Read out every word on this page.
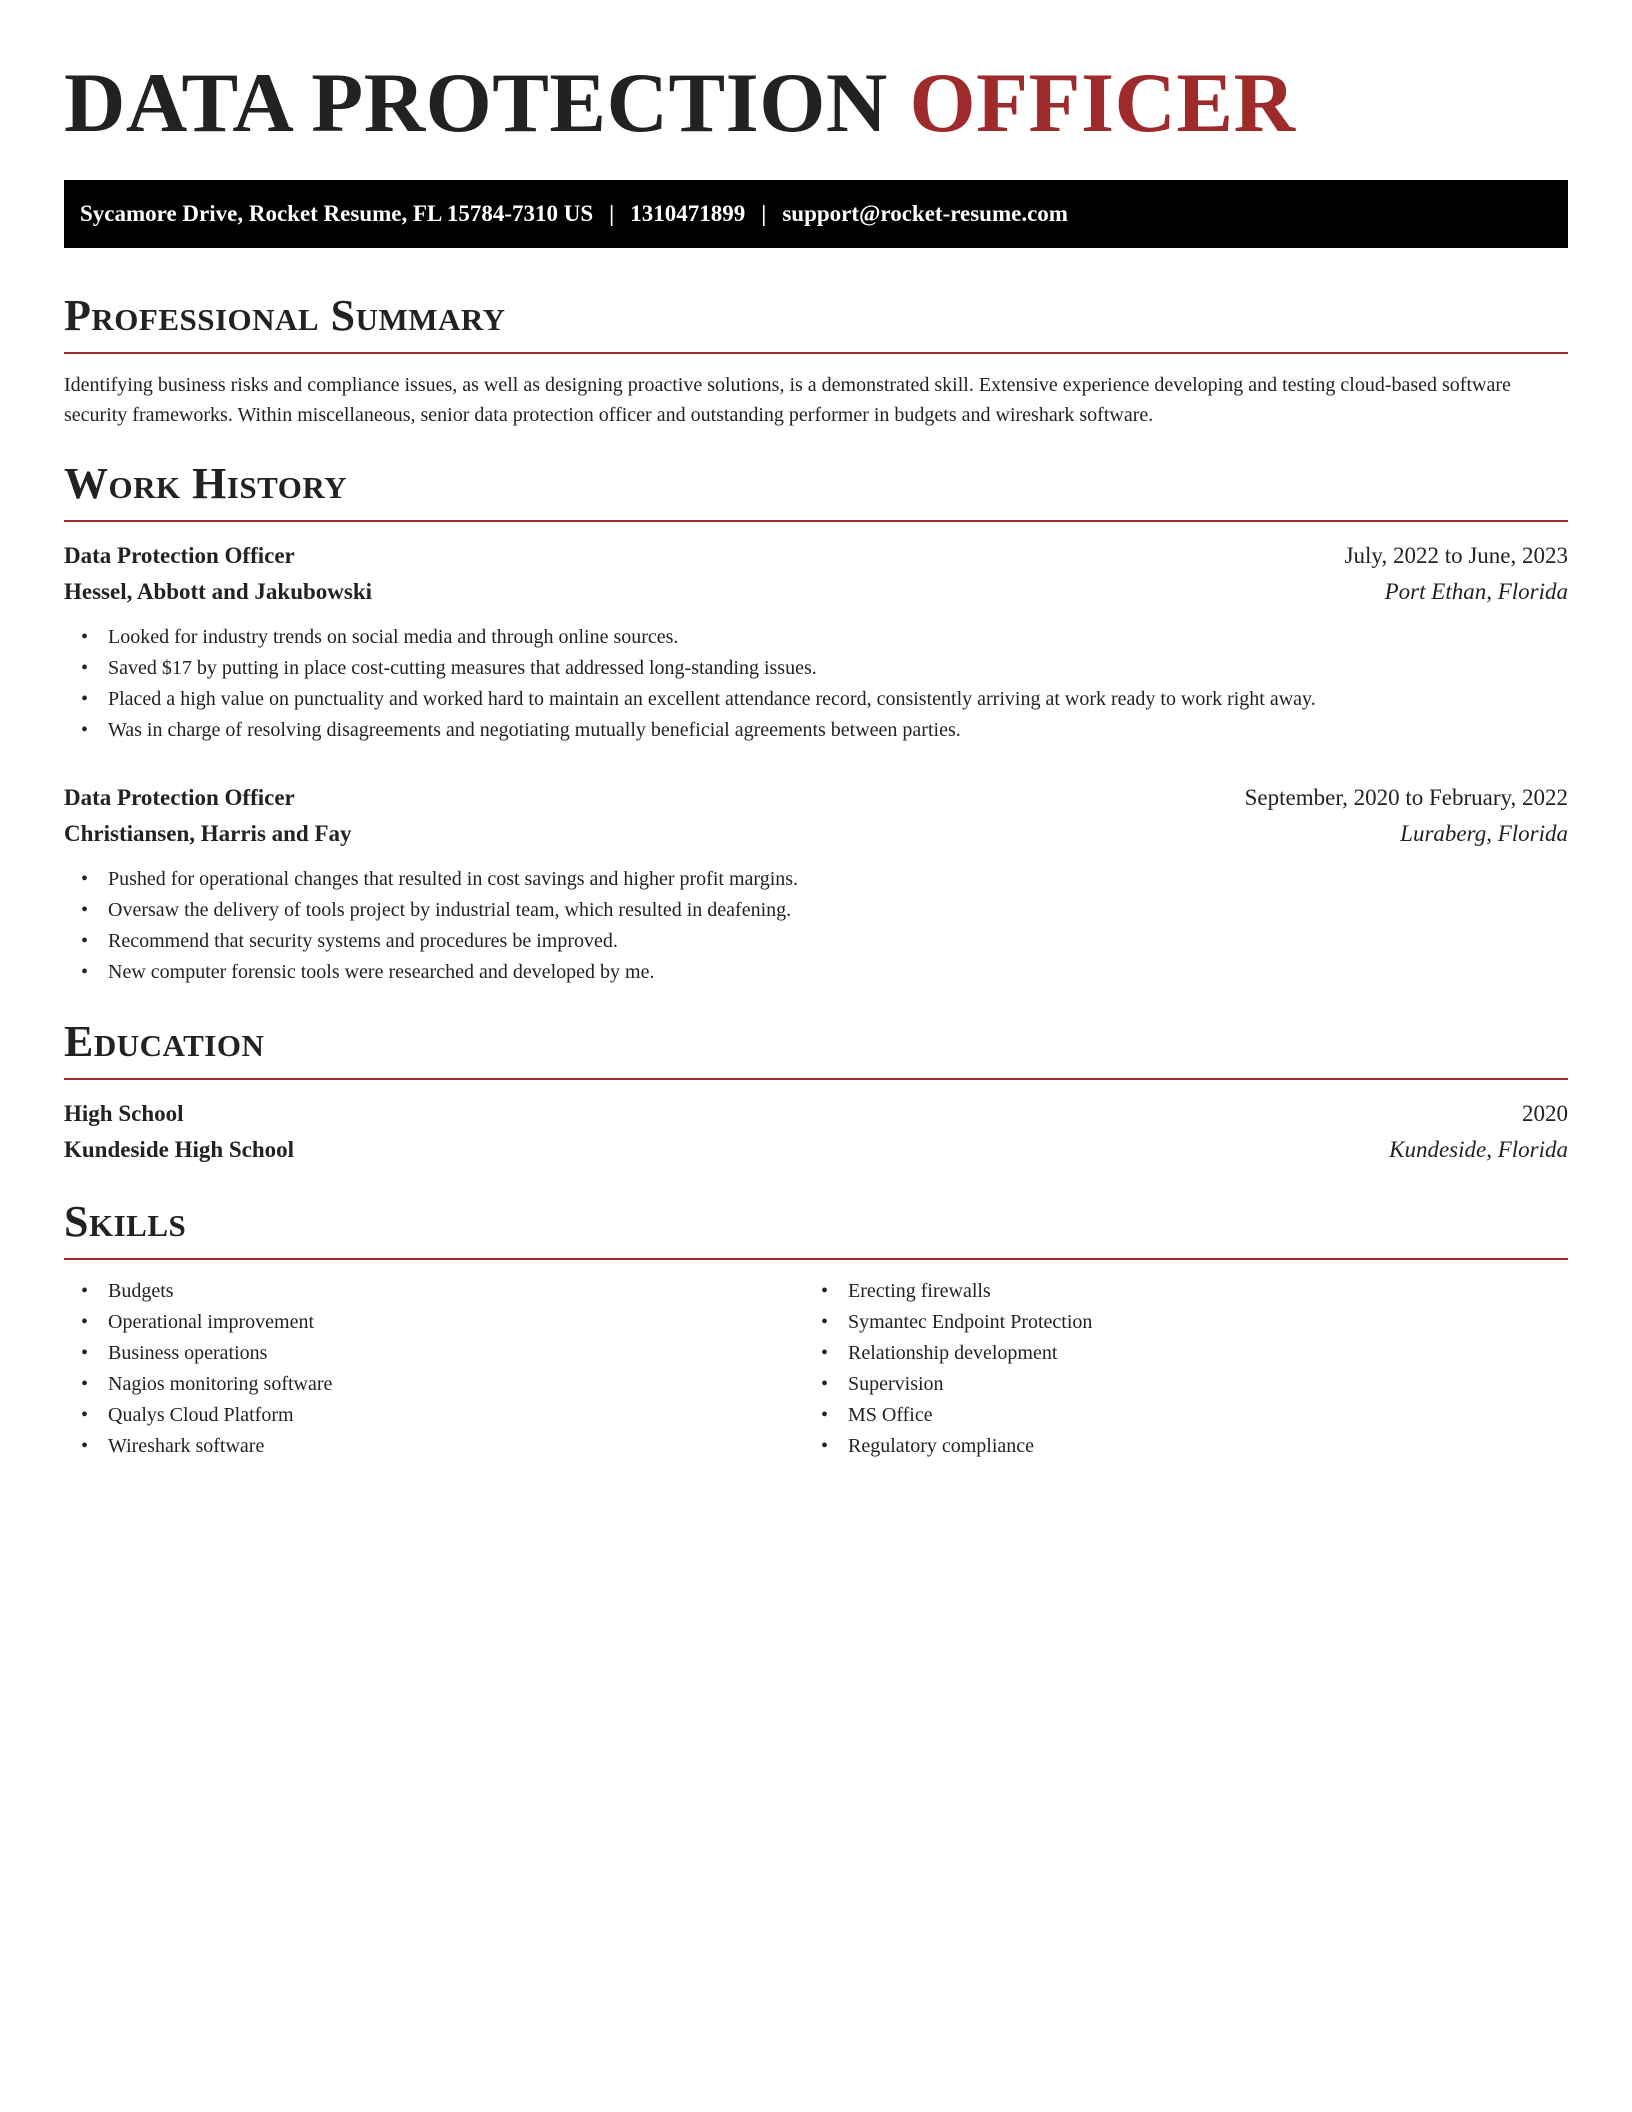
DATA PROTECTION OFFICER
Sycamore Drive, Rocket Resume, FL 15784-7310 US | 1310471899 | support@rocket-resume.com
Professional Summary

Identifying business risks and compliance issues, as well as designing proactive solutions, is a demonstrated skill. Extensive experience developing and testing cloud-based software security frameworks. Within miscellaneous, senior data protection officer and outstanding performer in budgets and wireshark software.

Work History
Data Protection Officer	July, 2022 to June, 2023
Hessel, Abbott and Jakubowski	Port Ethan, Florida
• Looked for industry trends on social media and through online sources.
• Saved $17 by putting in place cost-cutting measures that addressed long-standing issues.
• Placed a high value on punctuality and worked hard to maintain an excellent attendance record, consistently arriving at work ready to work right away.
• Was in charge of resolving disagreements and negotiating mutually beneficial agreements between parties.
Data Protection Officer	September, 2020 to February, 2022
Christiansen, Harris and Fay	Luraberg, Florida
• Pushed for operational changes that resulted in cost savings and higher profit margins.
• Oversaw the delivery of tools project by industrial team, which resulted in deafening.
• Recommend that security systems and procedures be improved.
• New computer forensic tools were researched and developed by me.
Education
High School	2020
Kundeside High School	Kundeside, Florida
Skills
• Budgets
• Operational improvement
• Business operations
• Nagios monitoring software
• Qualys Cloud Platform
• Wireshark software
• Erecting firewalls
• Symantec Endpoint Protection
• Relationship development
• Supervision
• MS Office
• Regulatory compliance
